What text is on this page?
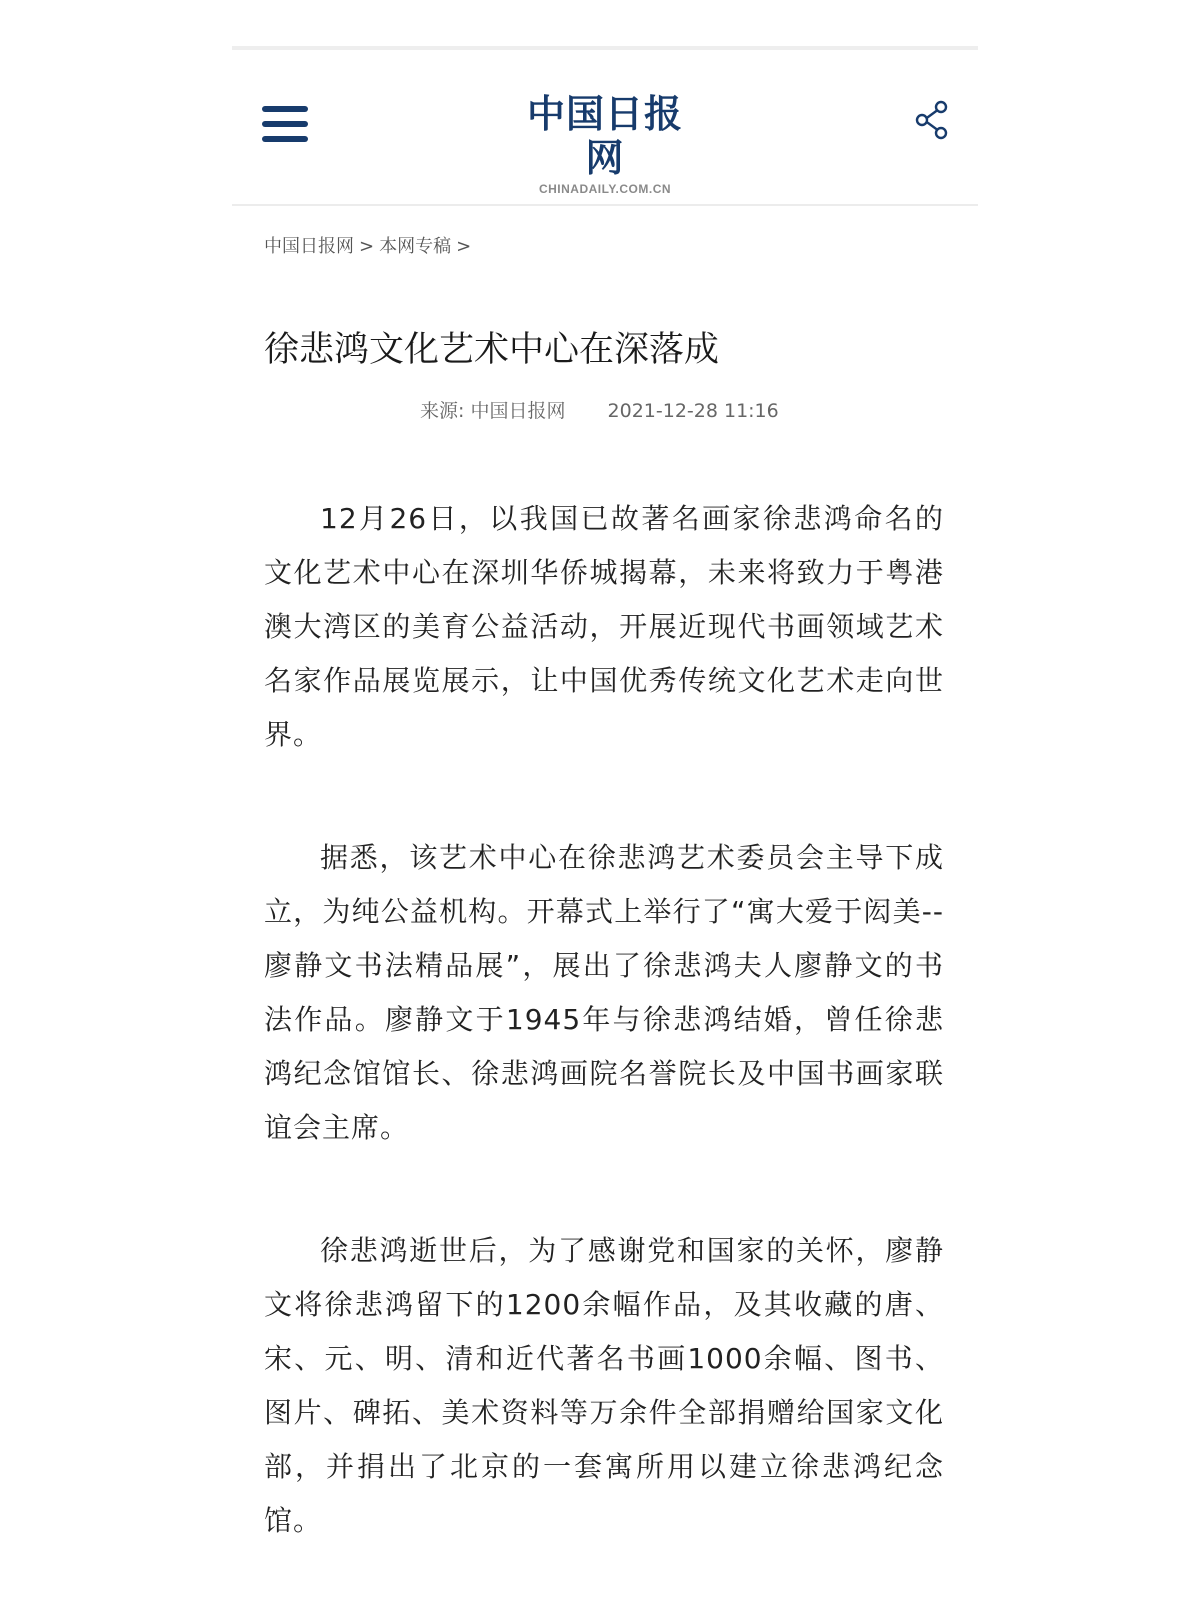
中国日报网
CHINADAILY.COM.CN
中国日报网 > 本网专稿 >
徐悲鸿文化艺术中心在深落成
来源: 中国日报网 2021-12-28 11:16

12月26日，以我国已故著名画家徐悲鸿命名的文化艺术中心在深圳华侨城揭幕，未来将致力于粤港澳大湾区的美育公益活动，开展近现代书画领域艺术名家作品展览展示，让中国优秀传统文化艺术走向世界。

据悉，该艺术中心在徐悲鸿艺术委员会主导下成立，为纯公益机构。开幕式上举行了“寓大爱于闳美--廖静文书法精品展”，展出了徐悲鸿夫人廖静文的书法作品。廖静文于1945年与徐悲鸿结婚，曾任徐悲鸿纪念馆馆长、徐悲鸿画院名誉院长及中国书画家联谊会主席。

徐悲鸿逝世后，为了感谢党和国家的关怀，廖静文将徐悲鸿留下的1200余幅作品，及其收藏的唐、宋、元、明、清和近代著名书画1000余幅、图书、图片、碑拓、美术资料等万余件全部捐赠给国家文化部，并捐出了北京的一套寓所用以建立徐悲鸿纪念馆。
